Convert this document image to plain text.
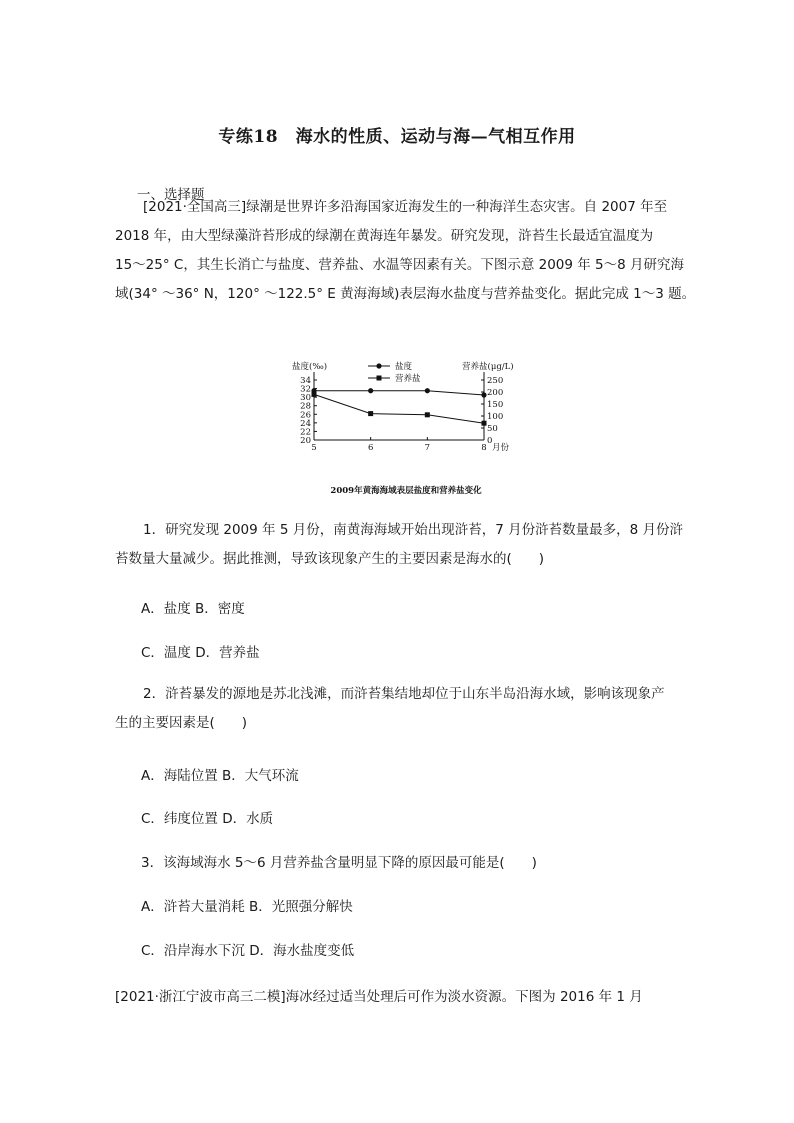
专练18　海水的性质、运动与海—气相互作用
一、选择题
[2021·全国高三]绿潮是世界许多沿海国家近海发生的一种海洋生态灾害。自 2007 年至
2018 年，由大型绿藻浒苔形成的绿潮在黄海连年暴发。研究发现，浒苔生长最适宜温度为
15～25° C，其生长消亡与盐度、营养盐、水温等因素有关。下图示意 2009 年 5～8 月研究海
域(34° ～36° N，120° ～122.5° E 黄海海域)表层海水盐度与营养盐变化。据此完成 1～3 题。
20
22
24
26
28
30
32
34
0
50
100
150
200
250
5	6	7	8 月份
盐度(‰)	营养盐(μg/L)
盐度
营养盐
2009年黄海海域表层盐度和营养盐变化
1．研究发现 2009 年 5 月份，南黄海海域开始出现浒苔，7 月份浒苔数量最多，8 月份浒
苔数量大量减少。据此推测，导致该现象产生的主要因素是海水的(　　)
A．盐度 B．密度
C．温度 D．营养盐
2．浒苔暴发的源地是苏北浅滩，而浒苔集结地却位于山东半岛沿海水域，影响该现象产
生的主要因素是(　　)
A．海陆位置 B．大气环流
C．纬度位置 D．水质
3．该海域海水 5～6 月营养盐含量明显下降的原因最可能是(　　)
A．浒苔大量消耗 B．光照强分解快
C．沿岸海水下沉 D．海水盐度变低
[2021·浙江宁波市高三二模]海冰经过适当处理后可作为淡水资源。下图为 2016 年 1 月
